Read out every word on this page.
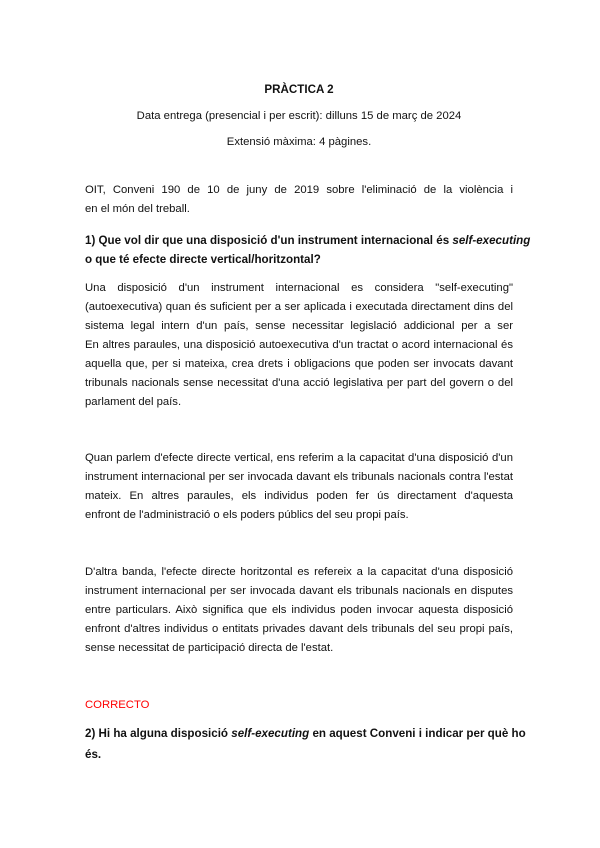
PRÀCTICA 2
Data entrega (presencial i per escrit): dilluns 15 de març de 2024
Extensió màxima: 4 pàgines.
OIT, Conveni 190 de 10 de juny de 2019 sobre l'eliminació de la violència i
en el món del treball.
1) Que vol dir que una disposició d'un instrument internacional és self-executing
o que té efecte directe vertical/horitzontal?
Una disposició d'un instrument internacional es considera "self-executing"
(autoexecutiva) quan és suficient per a ser aplicada i executada directament dins del
sistema legal intern d'un país, sense necessitar legislació addicional per a ser
En altres paraules, una disposició autoexecutiva d'un tractat o acord internacional és
aquella que, per si mateixa, crea drets i obligacions que poden ser invocats davant
tribunals nacionals sense necessitat d'una acció legislativa per part del govern o del
parlament del país.
Quan parlem d'efecte directe vertical, ens referim a la capacitat d'una disposició d'un
instrument internacional per ser invocada davant els tribunals nacionals contra l'estat
mateix. En altres paraules, els individus poden fer ús directament d'aquesta
enfront de l'administració o els poders públics del seu propi país.
D'altra banda, l'efecte directe horitzontal es refereix a la capacitat d'una disposició
instrument internacional per ser invocada davant els tribunals nacionals en disputes
entre particulars. Això significa que els individus poden invocar aquesta disposició
enfront d'altres individus o entitats privades davant dels tribunals del seu propi país,
sense necessitat de participació directa de l'estat.
CORRECTO
2) Hi ha alguna disposició self-executing en aquest Conveni i indicar per què ho
és.
